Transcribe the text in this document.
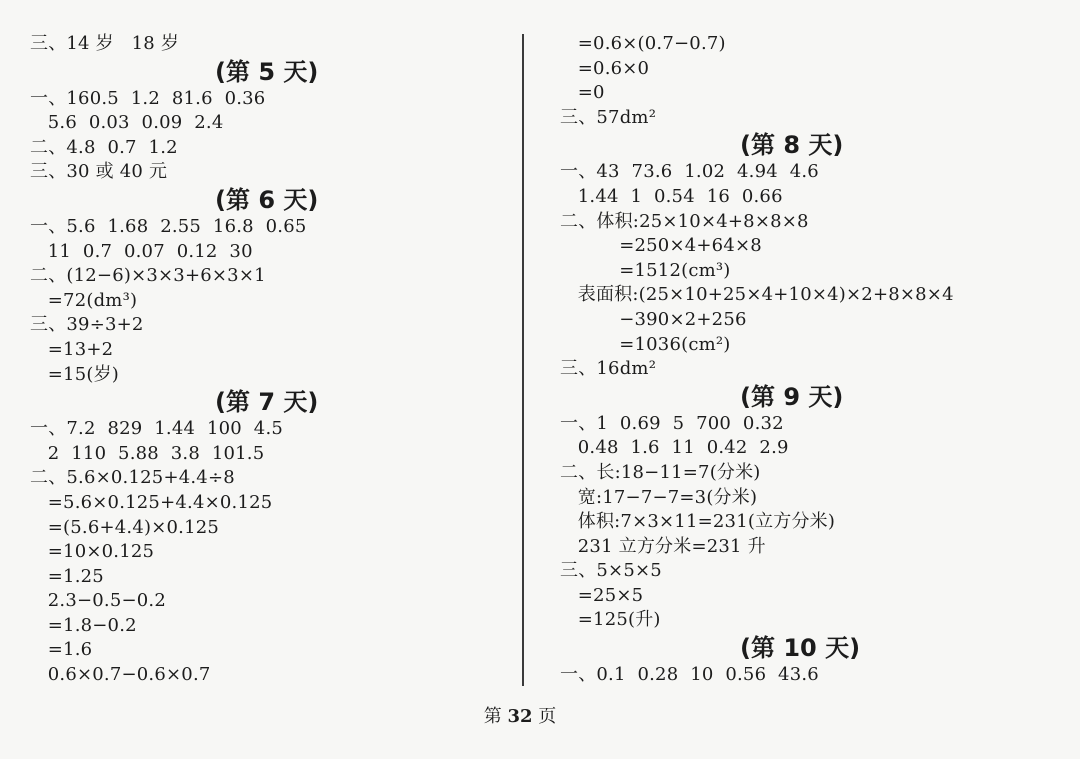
三、14 岁   18 岁
(第 5 天)
一、160.5  1.2  81.6  0.36
5.6  0.03  0.09  2.4
二、4.8  0.7  1.2
三、30 或 40 元
(第 6 天)
一、5.6  1.68  2.55  16.8  0.65
11  0.7  0.07  0.12  30
二、(12−6)×3×3+6×3×1
=72(dm³)
三、39÷3+2
=13+2
=15(岁)
(第 7 天)
一、7.2  829  1.44  100  4.5
2  110  5.88  3.8  101.5
二、5.6×0.125+4.4÷8
=5.6×0.125+4.4×0.125
=(5.6+4.4)×0.125
=10×0.125
=1.25
2.3−0.5−0.2
=1.8−0.2
=1.6
0.6×0.7−0.6×0.7
=0.6×(0.7−0.7)
=0.6×0
=0
三、57dm²
(第 8 天)
一、43  73.6  1.02  4.94  4.6
1.44  1  0.54  16  0.66
二、体积:25×10×4+8×8×8
=250×4+64×8
=1512(cm³)
表面积:(25×10+25×4+10×4)×2+8×8×4
−390×2+256
=1036(cm²)
三、16dm²
(第 9 天)
一、1  0.69  5  700  0.32
0.48  1.6  11  0.42  2.9
二、长:18−11=7(分米)
宽:17−7−7=3(分米)
体积:7×3×11=231(立方分米)
231 立方分米=231 升
三、5×5×5
=25×5
=125(升)
(第 10 天)
一、0.1  0.28  10  0.56  43.6
第 32 页
